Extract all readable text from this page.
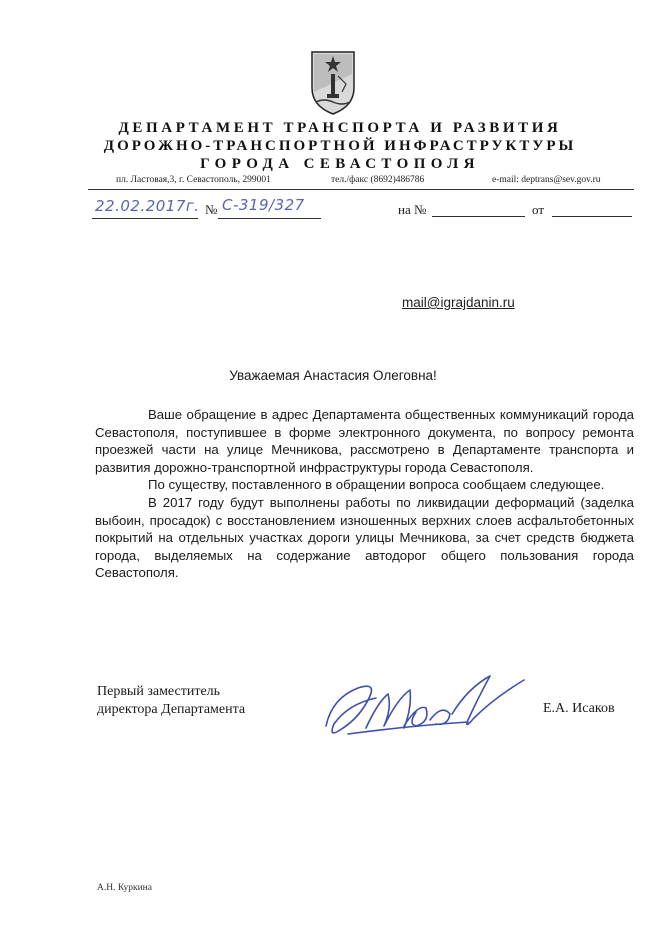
ДЕПАРТАМЕНТ ТРАНСПОРТА И РАЗВИТИЯ
ДОРОЖНО-ТРАНСПОРТНОЙ ИНФРАСТРУКТУРЫ
ГОРОДА СЕВАСТОПОЛЯ
пл. Ластовая,3, г. Севастополь, 299001	тел./факс (8692)486786	e-mail: deptrans@sev.gov.ru
22.02.2017г. № С-319/327	на №	от
mail@igrajdanin.ru
Уважаемая Анастасия Олеговна!

Ваше обращение в адрес Департамента общественных коммуникаций города Севастополя, поступившее в форме электронного документа, по вопросу ремонта проезжей части на улице Мечникова, рассмотрено в Департаменте транспорта и развития дорожно-транспортной инфраструктуры города Севастополя.

По существу, поставленного в обращении вопроса сообщаем следующее.

В 2017 году будут выполнены работы по ликвидации деформаций (заделка выбоин, просадок) с восстановлением изношенных верхних слоев асфальтобетонных покрытий на отдельных участках дороги улицы Мечникова, за счет средств бюджета города, выделяемых на содержание автодорог общего пользования города Севастополя.

Первый заместитель
директора Департамента	Е.А. Исаков
А.Н. Куркина
